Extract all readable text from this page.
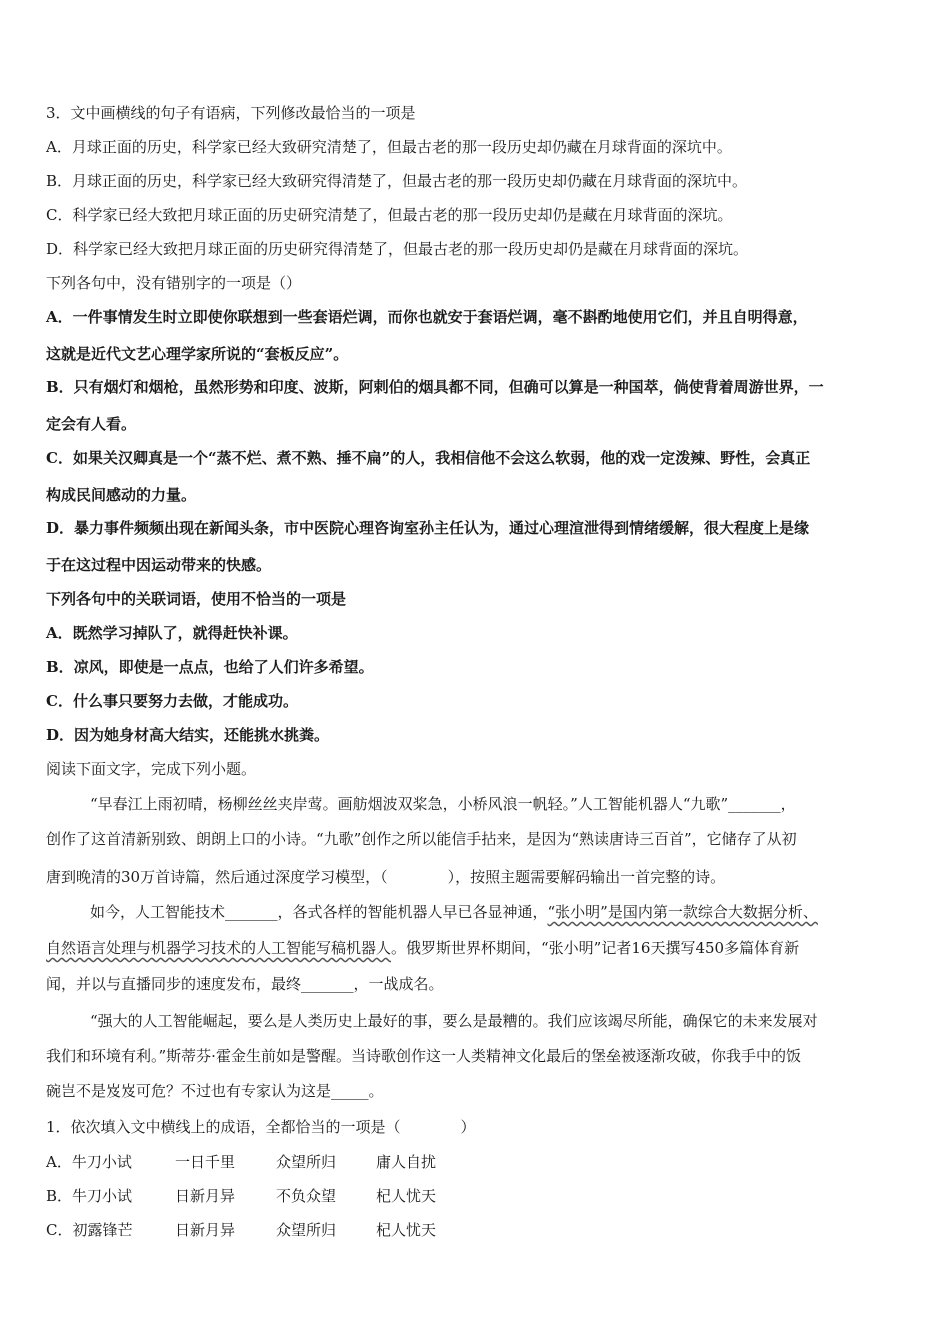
3．文中画横线的句子有语病，下列修改最恰当的一项是
A．月球正面的历史，科学家已经大致研究清楚了，但最古老的那一段历史却仍藏在月球背面的深坑中。
B．月球正面的历史，科学家已经大致研究得清楚了，但最古老的那一段历史却仍藏在月球背面的深坑中。
C．科学家已经大致把月球正面的历史研究清楚了，但最古老的那一段历史却仍是藏在月球背面的深坑。
D．科学家已经大致把月球正面的历史研究得清楚了，但最古老的那一段历史却仍是藏在月球背面的深坑。
下列各句中，没有错别字的一项是（）
A．一件事情发生时立即使你联想到一些套语烂调，而你也就安于套语烂调，毫不斟酌地使用它们，并且自明得意，
这就是近代文艺心理学家所说的“套板反应”。
B．只有烟灯和烟枪，虽然形势和印度、波斯，阿剌伯的烟具都不同，但确可以算是一种国萃，倘使背着周游世界，一
定会有人看。
C．如果关汉卿真是一个“蒸不烂、煮不熟、捶不扁”的人，我相信他不会这么软弱，他的戏一定泼辣、野性，会真正
构成民间感动的力量。
D．暴力事件频频出现在新闻头条，市中医院心理咨询室孙主任认为，通过心理渲泄得到情绪缓解，很大程度上是缘
于在这过程中因运动带来的快感。
下列各句中的关联词语，使用不恰当的一项是
A．既然学习掉队了，就得赶快补课。
B．凉风，即使是一点点，也给了人们许多希望。
C．什么事只要努力去做，才能成功。
D．因为她身材高大结实，还能挑水挑粪。
阅读下面文字，完成下列小题。
“早春江上雨初晴，杨柳丝丝夹岸莺。画舫烟波双桨急，小桥风浪一帆轻。”人工智能机器人“九歌”_______，
创作了这首清新别致、朗朗上口的小诗。“九歌”创作之所以能信手拈来，是因为“熟读唐诗三百首”，它储存了从初
唐到晚清的30万首诗篇，然后通过深度学习模型，（　　　　），按照主题需要解码输出一首完整的诗。
如今，人工智能技术_______，各式各样的智能机器人早已各显神通，“张小明”是国内第一款综合大数据分析、
自然语言处理与机器学习技术的人工智能写稿机器人。俄罗斯世界杯期间，“张小明”记者16天撰写450多篇体育新
闻，并以与直播同步的速度发布，最终_______，一战成名。
“强大的人工智能崛起，要么是人类历史上最好的事，要么是最糟的。我们应该竭尽所能，确保它的未来发展对
我们和环境有利。”斯蒂芬·霍金生前如是警醒。当诗歌创作这一人类精神文化最后的堡垒被逐渐攻破，你我手中的饭
碗岂不是岌岌可危？不过也有专家认为这是_____。
1．依次填入文中横线上的成语，全都恰当的一项是（　　　　）
A．牛刀小试	一日千里	众望所归	庸人自扰
B．牛刀小试	日新月异	不负众望	杞人忧天
C．初露锋芒	日新月异	众望所归	杞人忧天
